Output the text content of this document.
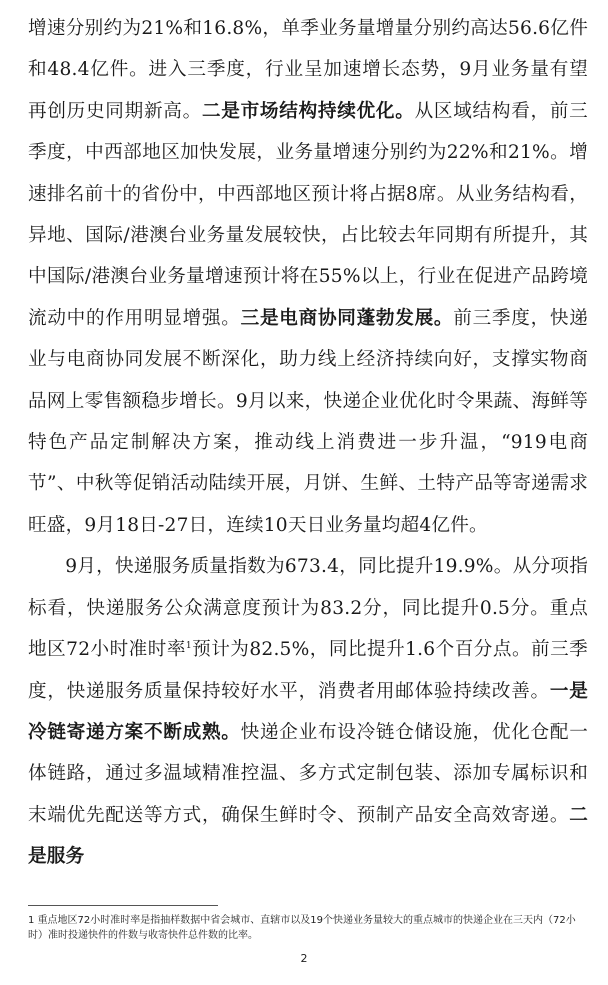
增速分别约为21%和16.8%，单季业务量增量分别约高达56.6亿件和48.4亿件。进入三季度，行业呈加速增长态势，9月业务量有望再创历史同期新高。二是市场结构持续优化。从区域结构看，前三季度，中西部地区加快发展，业务量增速分别约为22%和21%。增速排名前十的省份中，中西部地区预计将占据8席。从业务结构看，异地、国际/港澳台业务量发展较快，占比较去年同期有所提升，其中国际/港澳台业务量增速预计将在55%以上，行业在促进产品跨境流动中的作用明显增强。三是电商协同蓬勃发展。前三季度，快递业与电商协同发展不断深化，助力线上经济持续向好，支撑实物商品网上零售额稳步增长。9月以来，快递企业优化时令果蔬、海鲜等特色产品定制解决方案，推动线上消费进一步升温，“919电商节”、中秋等促销活动陆续开展，月饼、生鲜、土特产品等寄递需求旺盛，9月18日-27日，连续10天日业务量均超4亿件。

9月，快递服务质量指数为673.4，同比提升19.9%。从分项指标看，快递服务公众满意度预计为83.2分，同比提升0.5分。重点地区72小时准时率$^1$预计为82.5%，同比提升1.6个百分点。前三季度，快递服务质量保持较好水平，消费者用邮体验持续改善。一是冷链寄递方案不断成熟。快递企业布设冷链仓储设施，优化仓配一体链路，通过多温域精准控温、多方式定制包装、添加专属标识和末端优先配送等方式，确保生鲜时令、预制产品安全高效寄递。二是服务

1 重点地区72小时准时率是指抽样数据中省会城市、直辖市以及19个快递业务量较大的重点城市的快递企业在三天内（72小时）准时投递快件的件数与收寄快件总件数的比率。
2
